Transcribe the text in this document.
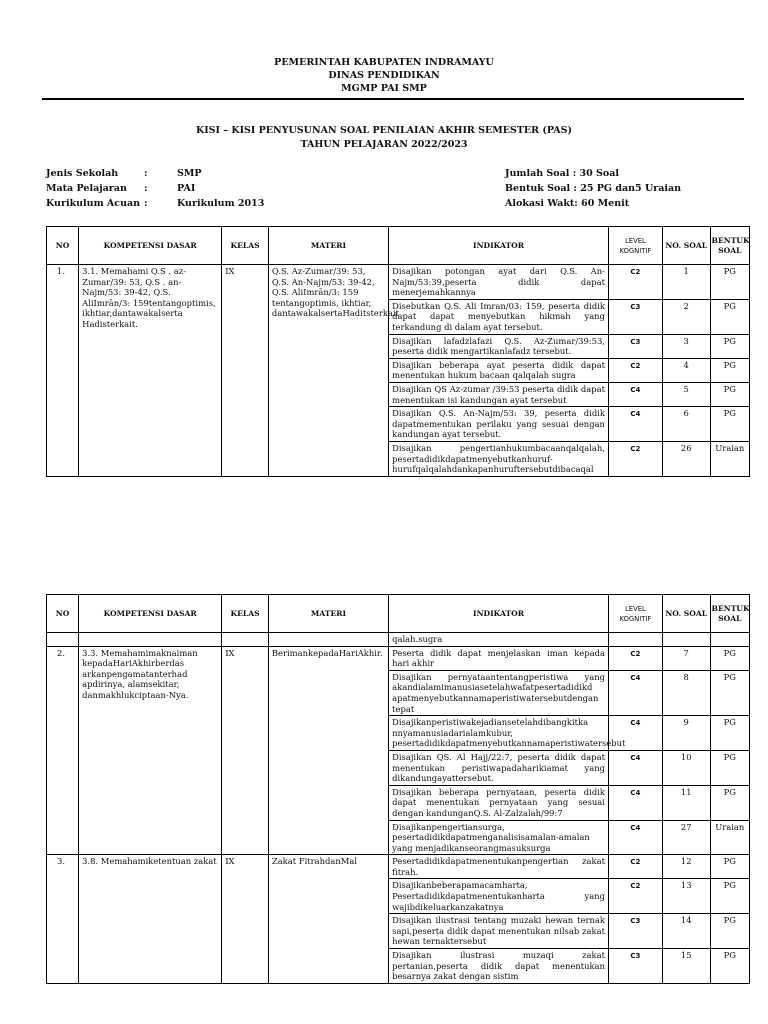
PEMERINTAH KABUPATEN INDRAMAYU
DINAS PENDIDIKAN
MGMP PAI SMP
KISI – KISI PENYUSUNAN SOAL PENILAIAN AKHIR SEMESTER (PAS)
TAHUN PELAJARAN 2022/2023
Jenis Sekolah	:	SMP
Mata Pelajaran :	PAI
Kurikulum Acuan :	Kurikulum 2013
Jumlah Soal : 30 Soal
Bentuk Soal : 25 PG dan5 Uraian
Alokasi Wakt: 60 Menit
NO	KOMPETENSI DASAR	KELAS	MATERI	INDIKATOR	LEVEL KOGNITIF	NO. SOAL	BENTUK SOAL
1.	3.1. Memahami Q.S . az-Zumar/39: 53, Q.S . an-Najm/53: 39-42, Q.S. AliImrān/3: 159tentangoptimis, ikhtiar,dantawakalserta Hadisterkait.	IX	Q.S. Az-Zumar/39: 53, Q.S. An-Najm/53: 39-42, Q.S. AliImrān/3: 159 tentangoptimis, ikhtiar, dantawakalsertaHaditsterkait	Disajikan potongan ayat dari Q.S. An-Najm/53:39,peserta didik dapat menerjemahkannya	C2	1	PG
				Disebutkan Q.S. Ali Imran/03: 159, peserta didik dapat dapat menyebutkan hikmah yang terkandung di dalam ayat tersebut.	C3	2	PG
				Disajikan lafadzlafazi Q.S. Az-Zumar/39:53, peserta didik mengartikanlafadz tersebut.	C3	3	PG
				Disajikan beberapa ayat peserta didik dapat menentukan hukum bacaan qalqalah sugra	C2	4	PG
				Disajikan QS Az-zumar /39:53 peserta didik dapat menentukan isi kandungan ayat tersebut	C4	5	PG
				Disajikan Q.S. An-Najm/53: 39, peserta didik dapatmementukan perilaku yang sesuai dengan kandungan ayat tersebut.	C4	6	PG
				Disajikan pengertianhukumbacaanqalqalah, pesertadidikdapatmenyebutkanhuruf-hurufqalqalahdankapanhuruftersebutdibacaqal	C2	26	Uraian
NO	KOMPETENSI DASAR	KELAS	MATERI	INDIKATOR	LEVEL KOGNITIF	NO. SOAL	BENTUK SOAL
				qalah.sugra			
2.	3.3. Memahamimaknaiman kepadaHariAkhirberdas arkanpengamatanterhad apdirinya, alamsekitar, danmakhlukciptaan-Nya.	IX	BerimankepadaHariAkhir.	Peserta didik dapat menjelaskan iman kepada hari akhir	C2	7	PG
				Disajikan pernyataantentangperistiwa yang akandialamimanusiasetelahwafatpesertadidikd apatmenyebutkannamaperistiwatersebutdengan tepat	C4	8	PG
				Disajikanperistiwakejadiansetelahdibangkitka nnyamanusiadarialamkubur, pesertadidikdapatmenyebutkannamaperistiwatersebut	C4	9	PG
				Disajikan QS. Al Hajj/22:7, peserta didik dapat menentukan peristiwapadaharikiamat yang dikandungayattersebut.	C4	10	PG
				Disajikan beberapa pernyataan, peserta didik dapat menentukan pernyataan yang sesuai dengan kandunganQ.S. Al-Zalzalah/99:7	C4	11	PG
				Disajikanpengertiansurga, pesertadidikdapatmenganalisisamalan-amalan yang menjadikanseorangmasuksurga	C4	27	Uraian
3.	3.8. Memahamiketentuan zakat	IX	Zakat FitrahdanMal	Pesertadidikdapatmenentukanpengertian zakat fitrah.	C2	12	PG
				Disajikanbeberapamacamharta, Pesertadidikdapatmenentukanharta yang wajibdikeluarkanzakatnya	C2	13	PG
				Disajikan ilustrasi tentang muzaki hewan ternak sapi,peserta didik dapat menentukan nilsab zakat hewan ternaktersebut	C3	14	PG
				Disajikan ilustrasi muzaqi zakat pertanian,peserta didik dapat menentukan besarnya zakat dengan sistim	C3	15	PG
